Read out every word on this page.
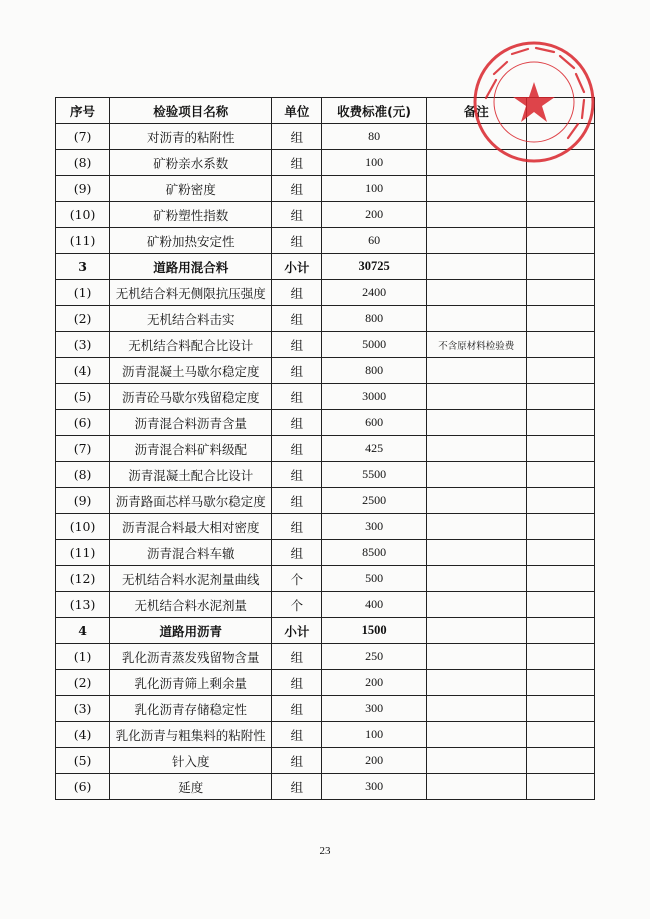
序号	检验项目名称	单位	收费标准(元)	备注	
(7)	对沥青的粘附性	组	80		
(8)	矿粉亲水系数	组	100		
(9)	矿粉密度	组	100		
(10)	矿粉塑性指数	组	200		
(11)	矿粉加热安定性	组	60		
3	道路用混合料	小计	30725		
(1)	无机结合料无侧限抗压强度	组	2400		
(2)	无机结合料击实	组	800		
(3)	无机结合料配合比设计	组	5000	不含原材料检验费	
(4)	沥青混凝土马歇尔稳定度	组	800		
(5)	沥青砼马歇尔残留稳定度	组	3000		
(6)	沥青混合料沥青含量	组	600		
(7)	沥青混合料矿料级配	组	425		
(8)	沥青混凝土配合比设计	组	5500		
(9)	沥青路面芯样马歇尔稳定度	组	2500		
(10)	沥青混合料最大相对密度	组	300		
(11)	沥青混合料车辙	组	8500		
(12)	无机结合料水泥剂量曲线	个	500		
(13)	无机结合料水泥剂量	个	400		
4	道路用沥青	小计	1500		
(1)	乳化沥青蒸发残留物含量	组	250		
(2)	乳化沥青筛上剩余量	组	200		
(3)	乳化沥青存储稳定性	组	300		
(4)	乳化沥青与粗集料的粘附性	组	100		
(5)	针入度	组	200		
(6)	延度	组	300		
23
